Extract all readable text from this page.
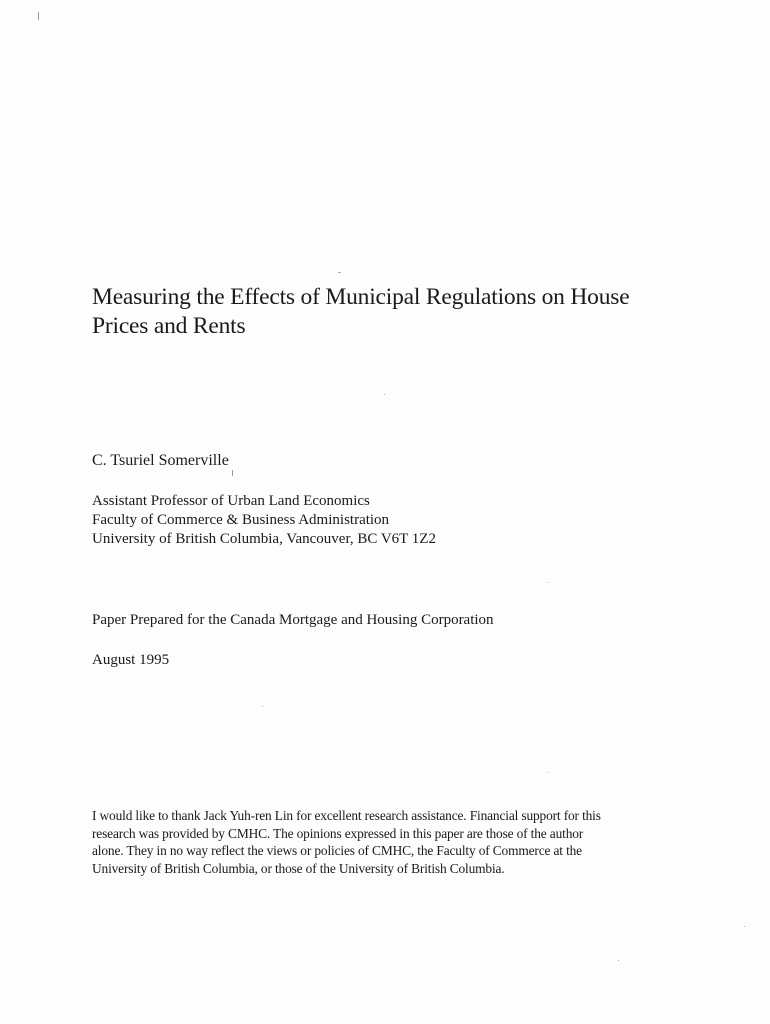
Measuring the Effects of Municipal Regulations on House
Prices and Rents

C. Tsuriel Somerville

Assistant Professor of Urban Land Economics
Faculty of Commerce & Business Administration
University of British Columbia, Vancouver, BC V6T 1Z2

Paper Prepared for the Canada Mortgage and Housing Corporation

August 1995

I would like to thank Jack Yuh-ren Lin for excellent research assistance. Financial support for this
research was provided by CMHC. The opinions expressed in this paper are those of the author
alone. They in no way reflect the views or policies of CMHC, the Faculty of Commerce at the
University of British Columbia, or those of the University of British Columbia.
